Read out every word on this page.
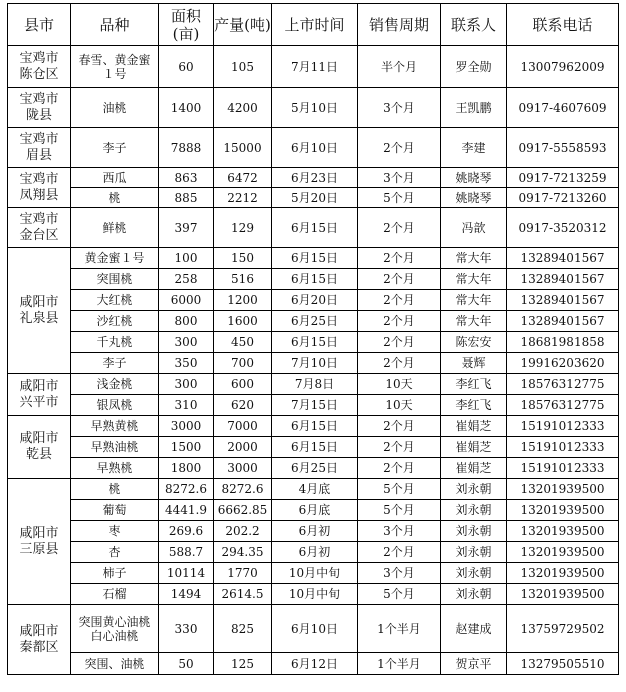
县市	品种	面积(亩)	产量(吨)	上市时间	销售周期	联系人	联系电话
宝鸡市陈仓区	春雪、黄金蜜１号	60	105	7月11日	半个月	罗全勋	13007962009
宝鸡市陇县	油桃	1400	4200	5月10日	3个月	王凯鹏	0917-4607609
宝鸡市眉县	李子	7888	15000	6月10日	2个月	李建	0917-5558593
宝鸡市凤翔县	西瓜	863	6472	6月23日	3个月	姚晓琴	0917-7213259
	桃	885	2212	5月20日	5个月	姚晓琴	0917-7213260
宝鸡市金台区	鲜桃	397	129	6月15日	2个月	冯歆	0917-3520312
咸阳市礼泉县	黄金蜜１号	100	150	6月15日	2个月	常大年	13289401567
	突围桃	258	516	6月15日	2个月	常大年	13289401567
	大红桃	6000	1200	6月20日	2个月	常大年	13289401567
	沙红桃	800	1600	6月25日	2个月	常大年	13289401567
	千丸桃	300	450	6月15日	2个月	陈宏安	18681981858
	李子	350	700	7月10日	2个月	聂辉	19916203620
咸阳市兴平市	浅金桃	300	600	7月8日	10天	李红飞	18576312775
	银凤桃	310	620	7月15日	10天	李红飞	18576312775
咸阳市乾县	早熟黄桃	3000	7000	6月15日	2个月	崔娟芝	15191012333
	早熟油桃	1500	2000	6月15日	2个月	崔娟芝	15191012333
	早熟桃	1800	3000	6月25日	2个月	崔娟芝	15191012333
咸阳市三原县	桃	8272.6	8272.6	4月底	5个月	刘永朝	13201939500
	葡萄	4441.9	6662.85	6月底	5个月	刘永朝	13201939500
	枣	269.6	202.2	6月初	3个月	刘永朝	13201939500
	杏	588.7	294.35	6月初	2个月	刘永朝	13201939500
	柿子	10114	1770	10月中旬	3个月	刘永朝	13201939500
	石榴	1494	2614.5	10月中旬	5个月	刘永朝	13201939500
咸阳市秦都区	突围黄心油桃白心油桃	330	825	6月10日	1个半月	赵建成	13759729502
	突围、油桃	50	125	6月12日	1个半月	贺京平	13279505510
